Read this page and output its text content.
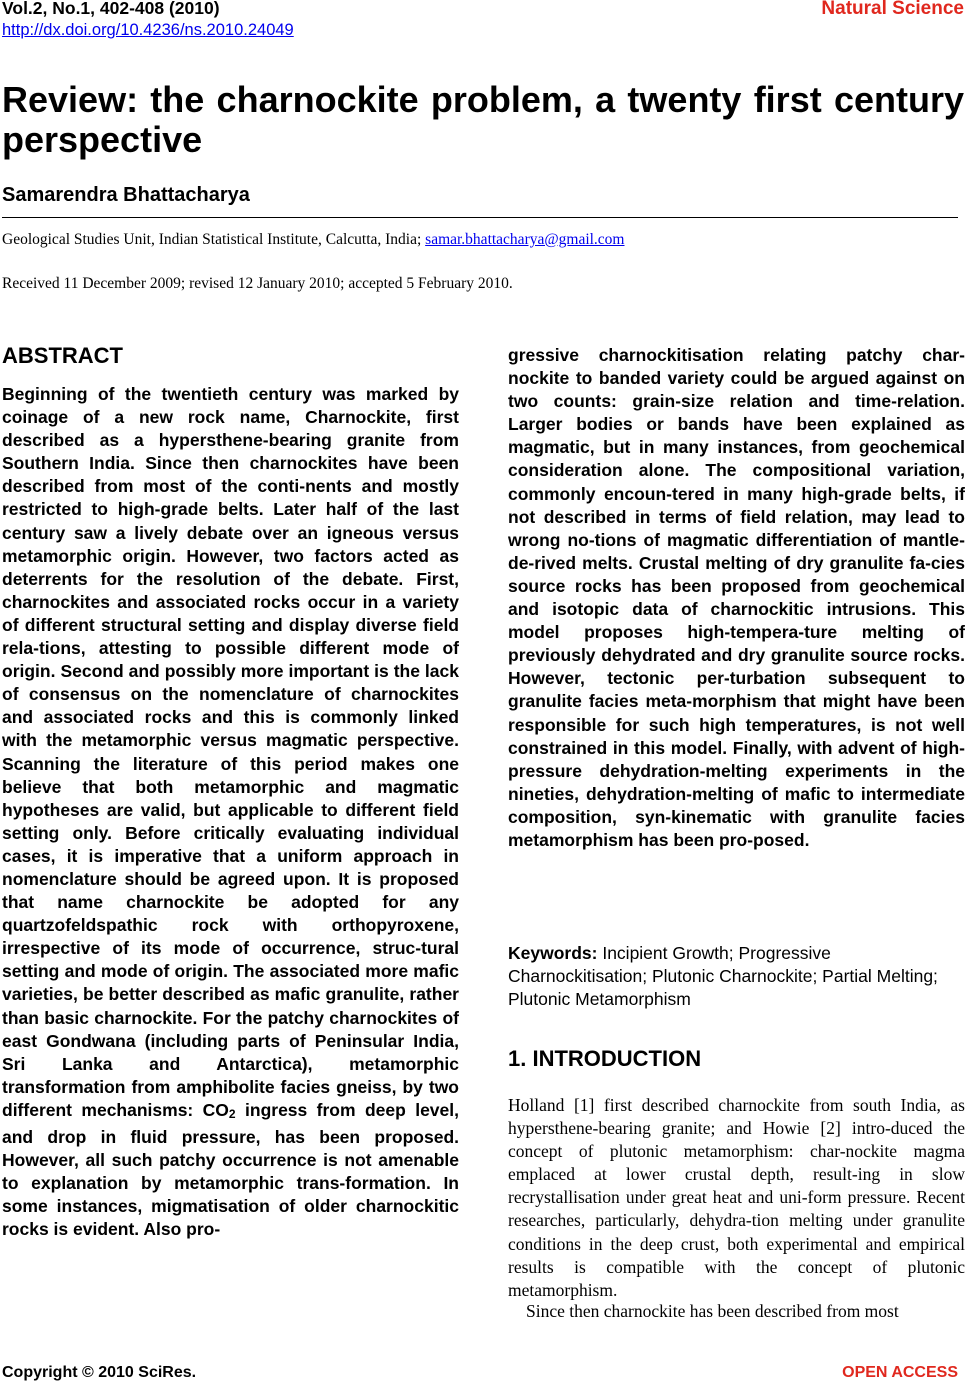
Vol.2, No.1, 402-408 (2010)
http://dx.doi.org/10.4236/ns.2010.24049
Natural Science
Review: the charnockite problem, a twenty first century perspective
Samarendra Bhattacharya
Geological Studies Unit, Indian Statistical Institute, Calcutta, India; samar.bhattacharya@gmail.com
Received 11 December 2009; revised 12 January 2010; accepted 5 February 2010.
ABSTRACT

Beginning of the twentieth century was marked by coinage of a new rock name, Charnockite, first described as a hypersthene-bearing granite from Southern India. Since then charnockites have been described from most of the conti-nents and mostly restricted to high-grade belts. Later half of the last century saw a lively debate over an igneous versus metamorphic origin. However, two factors acted as deterrents for the resolution of the debate. First, charnockites and associated rocks occur in a variety of different structural setting and display diverse field rela-tions, attesting to possible different mode of origin. Second and possibly more important is the lack of consensus on the nomenclature of charnockites and associated rocks and this is commonly linked with the metamorphic versus magmatic perspective. Scanning the literature of this period makes one believe that both metamorphic and magmatic hypotheses are valid, but applicable to different field setting only. Before critically evaluating individual cases, it is imperative that a uniform approach in nomenclature should be agreed upon. It is proposed that name charnockite be adopted for any quartzofeldspathic rock with orthopyroxene, irrespective of its mode of occurrence, struc-tural setting and mode of origin. The associated more mafic varieties, be better described as mafic granulite, rather than basic charnockite. For the patchy charnockites of east Gondwana (including parts of Peninsular India, Sri Lanka and Antarctica), metamorphic transformation from amphibolite facies gneiss, by two different mechanisms: $CO_2$ ingress from deep level, and drop in fluid pressure, has been proposed. However, all such patchy occurrence is not amenable to explanation by metamorphic trans-formation. In some instances, migmatisation of older charnockitic rocks is evident. Also pro-

gressive charnockitisation relating patchy char-nockite to banded variety could be argued against on two counts: grain-size relation and time-relation. Larger bodies or bands have been explained as magmatic, but in many instances, from geochemical consideration alone. The compositional variation, commonly encoun-tered in many high-grade belts, if not described in terms of field relation, may lead to wrong no-tions of magmatic differentiation of mantle-de-rived melts. Crustal melting of dry granulite fa-cies source rocks has been proposed from geochemical and isotopic data of charnockitic intrusions. This model proposes high-tempera-ture melting of previously dehydrated and dry granulite source rocks. However, tectonic per-turbation subsequent to granulite facies meta-morphism that might have been responsible for such high temperatures, is not well constrained in this model. Finally, with advent of high-pressure dehydration-melting experiments in the nineties, dehydration-melting of mafic to intermediate composition, syn-kinematic with granulite facies metamorphism has been pro-posed.

Keywords: Incipient Growth; Progressive Charnockitisation; Plutonic Charnockite; Partial Melting; Plutonic Metamorphism

1. INTRODUCTION

Holland [1] first described charnockite from south India, as hypersthene-bearing granite; and Howie [2] intro-duced the concept of plutonic metamorphism: char-nockite magma emplaced at lower crustal depth, result-ing in slow recrystallisation under great heat and uni-form pressure. Recent researches, particularly, dehydra-tion melting under granulite conditions in the deep crust, both experimental and empirical results is compatible with the concept of plutonic metamorphism.

Since then charnockite has been described from most

Copyright © 2010 SciRes.	OPEN ACCESS
